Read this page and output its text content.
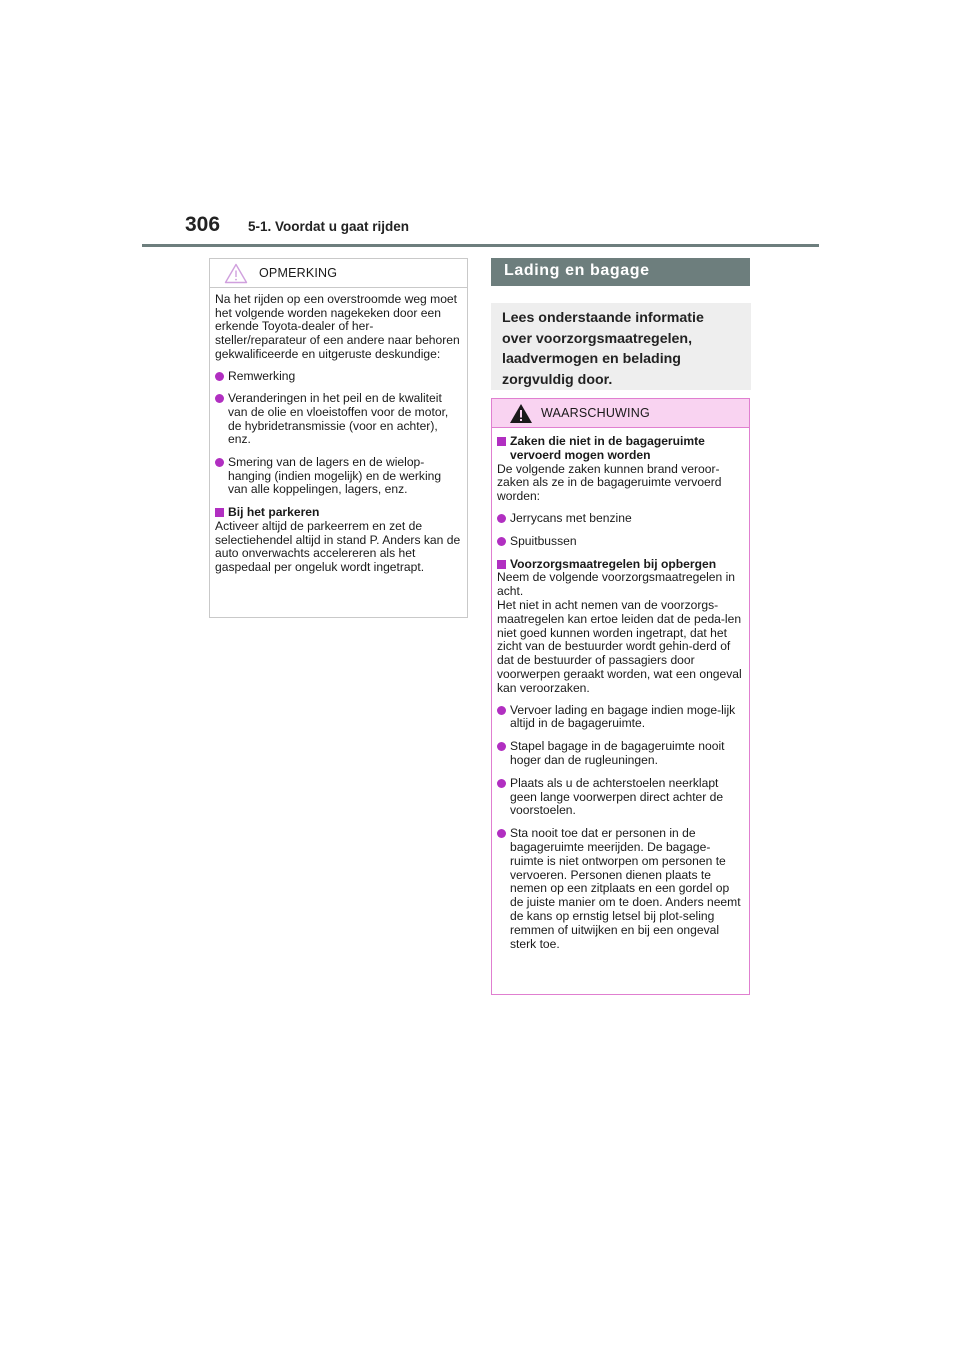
306 5-1. Voordat u gaat rijden
OPMERKING

Na het rijden op een overstroomde weg moet het volgende worden nagekeken door een erkende Toyota-dealer of her-steller/reparateur of een andere naar behoren gekwalificeerde en uitgeruste deskundige:

Remwerking
Veranderingen in het peil en de kwaliteit van de olie en vloeistoffen voor de motor, de hybridetransmissie (voor en achter), enz.
Smering van de lagers en de wielop-hanging (indien mogelijk) en de werking van alle koppelingen, lagers, enz.
Bij het parkeren

Activeer altijd de parkeerrem en zet de selectiehendel altijd in stand P. Anders kan de auto onverwachts accelereren als het gaspedaal per ongeluk wordt ingetrapt.

Lading en bagage
Lees onderstaande informatie
over voorzorgsmaatregelen,
laadvermogen en belading
zorgvuldig door.
WAARSCHUWING
Zaken die niet in de bagageruimte vervoerd mogen worden

De volgende zaken kunnen brand veroor-zaken als ze in de bagageruimte vervoerd worden:

Jerrycans met benzine
Spuitbussen
Voorzorgsmaatregelen bij opbergen

Neem de volgende voorzorgsmaatregelen in acht.

Het niet in acht nemen van de voorzorgs-maatregelen kan ertoe leiden dat de peda-len niet goed kunnen worden ingetrapt, dat het zicht van de bestuurder wordt gehin-derd of dat de bestuurder of passagiers door voorwerpen geraakt worden, wat een ongeval kan veroorzaken.

Vervoer lading en bagage indien moge-lijk altijd in de bagageruimte.
Stapel bagage in de bagageruimte nooit hoger dan de rugleuningen.
Plaats als u de achterstoelen neerklapt geen lange voorwerpen direct achter de voorstoelen.
Sta nooit toe dat er personen in de bagageruimte meerijden. De bagage-ruimte is niet ontworpen om personen te vervoeren. Personen dienen plaats te nemen op een zitplaats en een gordel op de juiste manier om te doen. Anders neemt de kans op ernstig letsel bij plot-seling remmen of uitwijken en bij een ongeval sterk toe.
